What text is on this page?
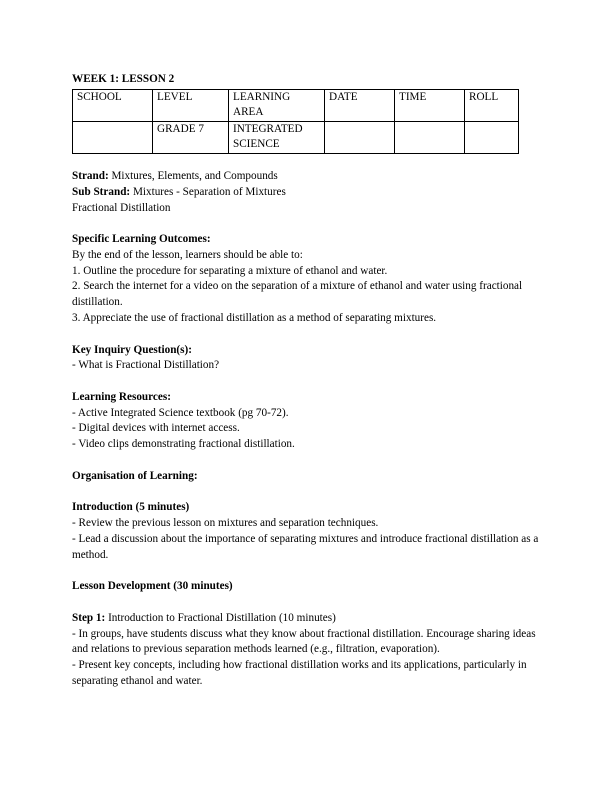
WEEK 1: LESSON 2

SCHOOL	LEVEL	LEARNING AREA	DATE	TIME	ROLL
	GRADE 7	INTEGRATED SCIENCE			

Strand: Mixtures, Elements, and Compounds

Sub Strand: Mixtures - Separation of Mixtures

Fractional Distillation

Specific Learning Outcomes:

By the end of the lesson, learners should be able to:

1. Outline the procedure for separating a mixture of ethanol and water.

2. Search the internet for a video on the separation of a mixture of ethanol and water using fractional distillation.

3. Appreciate the use of fractional distillation as a method of separating mixtures.

Key Inquiry Question(s):

- What is Fractional Distillation?

Learning Resources:

- Active Integrated Science textbook (pg 70-72).

- Digital devices with internet access.

- Video clips demonstrating fractional distillation.

Organisation of Learning:

Introduction (5 minutes)

- Review the previous lesson on mixtures and separation techniques.

- Lead a discussion about the importance of separating mixtures and introduce fractional distillation as a method.

Lesson Development (30 minutes)

Step 1: Introduction to Fractional Distillation (10 minutes)

- In groups, have students discuss what they know about fractional distillation. Encourage sharing ideas and relations to previous separation methods learned (e.g., filtration, evaporation).

- Present key concepts, including how fractional distillation works and its applications, particularly in separating ethanol and water.
